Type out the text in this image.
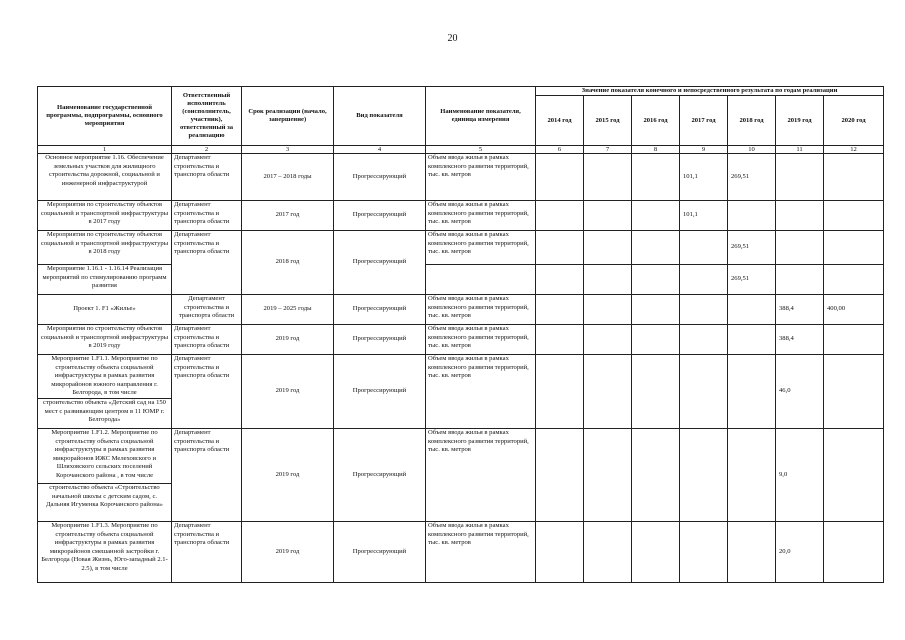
20
Наименование государственной программы, подпрограммы, основного мероприятия	Ответственный исполнитель (соисполнитель, участник), ответственный за реализацию	Срок реализации (начало, завершение)	Вид показателя	Наименование показателя, единица измерения	Значение показателя конечного и непосредственного результата по годам реализации						
					2014 год	2015 год	2016 год	2017 год	2018 год	2019 год	2020 год
1	2	3	4	5	6	7	8	9	10	11	12
Основное мероприятие 1.16. Обеспечение земельных участков для жилищного строительства дорожной, социальной и инженерной инфраструктурой	Департамент строительства и транспорта области	2017 – 2018 годы	Прогрессирующий	Объем ввода жилья в рамках комплексного развития территорий, тыс. кв. метров				101,1	269,51		
Мероприятия по строительству объектов социальной и транспортной инфраструктуры в 2017 году	Департамент строительства и транспорта области	2017 год	Прогрессирующий	Объем ввода жилья в рамках комплексного развития территорий, тыс. кв. метров				101,1			
Мероприятия по строительству объектов социальной и транспортной инфраструктуры в 2018 году	Департамент строительства и транспорта области	2018 год	Прогрессирующий	Объем ввода жилья в рамках комплексного развития территорий, тыс. кв. метров					269,51		
Мероприятие 1.16.1 - 1.16.14 Реализация мероприятий по стимулированию программ развития									269,51		
Проект 1. F1 «Жилье»	Департамент строительства и транспорта области	2019 – 2025 годы	Прогрессирующий	Объем ввода жилья в рамках комплексного развития территорий, тыс. кв. метров						388,4	400,00
Мероприятия по строительству объектов социальной и транспортной инфраструктуры в 2019 году	Департамент строительства и транспорта области	2019 год	Прогрессирующий	Объем ввода жилья в рамках комплексного развития территорий, тыс. кв. метров						388,4	
Мероприятие 1.F1.1. Мероприятие по строительству объекта социальной инфраструктуры в рамках развития микрорайонов южного направления г. Белгорода, в том числе	Департамент строительства и транспорта области	2019 год	Прогрессирующий	Объем ввода жилья в рамках комплексного развития территорий, тыс. кв. метров						46,0	
строительство объекта «Детский сад на 150 мест с развивающим центром в 11 ЮМР г. Белгорода»											
Мероприятие 1.F1.2. Мероприятие по строительству объекта социальной инфраструктуры в рамках развития микрорайонов ИЖС Мелеховского и Шляховского сельских поселений Корочанского района , в том числе	Департамент строительства и транспорта области	2019 год	Прогрессирующий	Объем ввода жилья в рамках комплексного развития территорий, тыс. кв. метров						9,0	
строительство объекта «Строительство начальной школы с детским садом, с. Дальняя Игуменка Корочанского района»											
Мероприятие 1.F1.3. Мероприятие по строительству объекта социальной инфраструктуры в рамках развития микрорайонов смешанной застройки г. Белгорода (Новая Жизнь, Юго-западный 2.1-2.5), в том числе	Департамент строительства и транспорта области	2019 год	Прогрессирующий	Объем ввода жилья в рамках комплексного развития территорий, тыс. кв. метров						20,0	
